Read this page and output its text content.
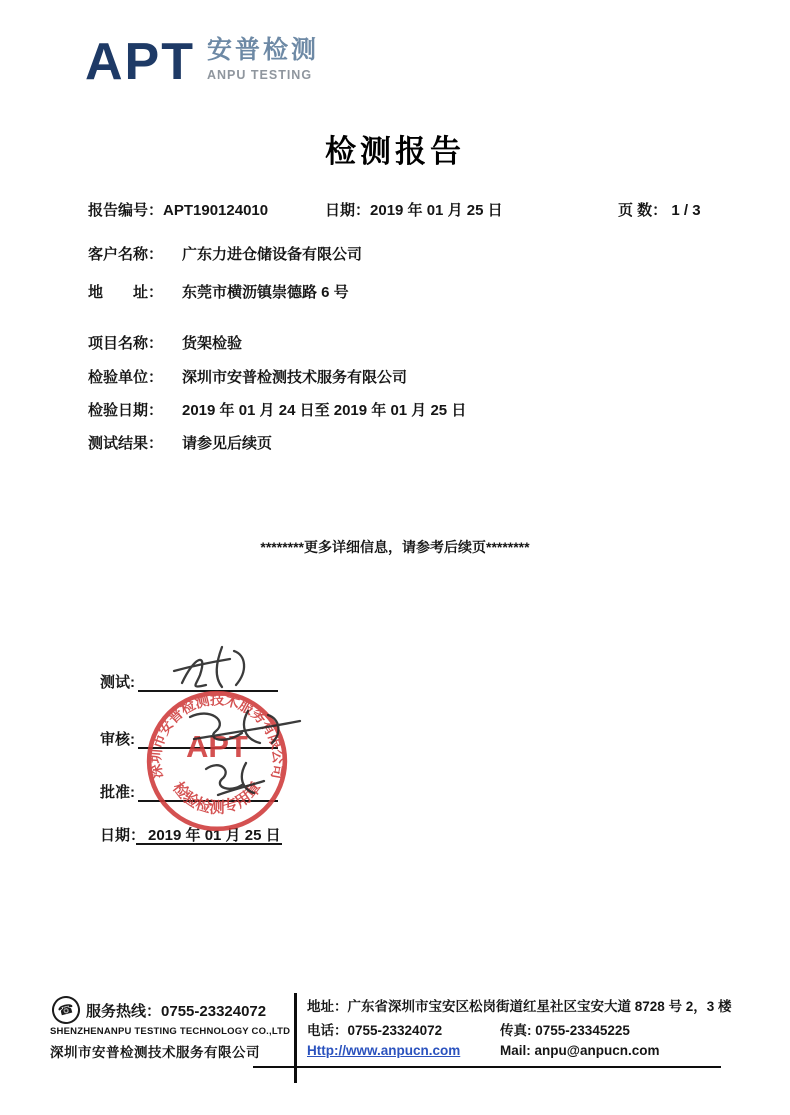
APT 安普检测
ANPU TESTING
检测报告
报告编号：APT190124010	日期：2019 年 01 月 25 日	页 数： 1 / 3
客户名称： 广东力进仓储设备有限公司
地　　址： 东莞市横沥镇崇德路 6 号
项目名称： 货架检验
检验单位： 深圳市安普检测技术服务有限公司
检验日期： 2019 年 01 月 24 日至 2019 年 01 月 25 日
测试结果： 请参见后续页
********更多详细信息，请参考后续页********
测试:
审核:
批准:
日期： 2019 年 01 月 25 日
深圳市安普检测技术服务有限公司
APT
检验检测专用章
☎ 服务热线：0755-23324072
SHENZHENANPU TESTING TECHNOLOGY CO.,LTD
深圳市安普检测技术服务有限公司
地址：广东省深圳市宝安区松岗街道红星社区宝安大道 8728 号 2，3 楼
电话：0755-23324072	传真: 0755-23345225
Http://www.anpucn.com	Mail: anpu@anpucn.com
